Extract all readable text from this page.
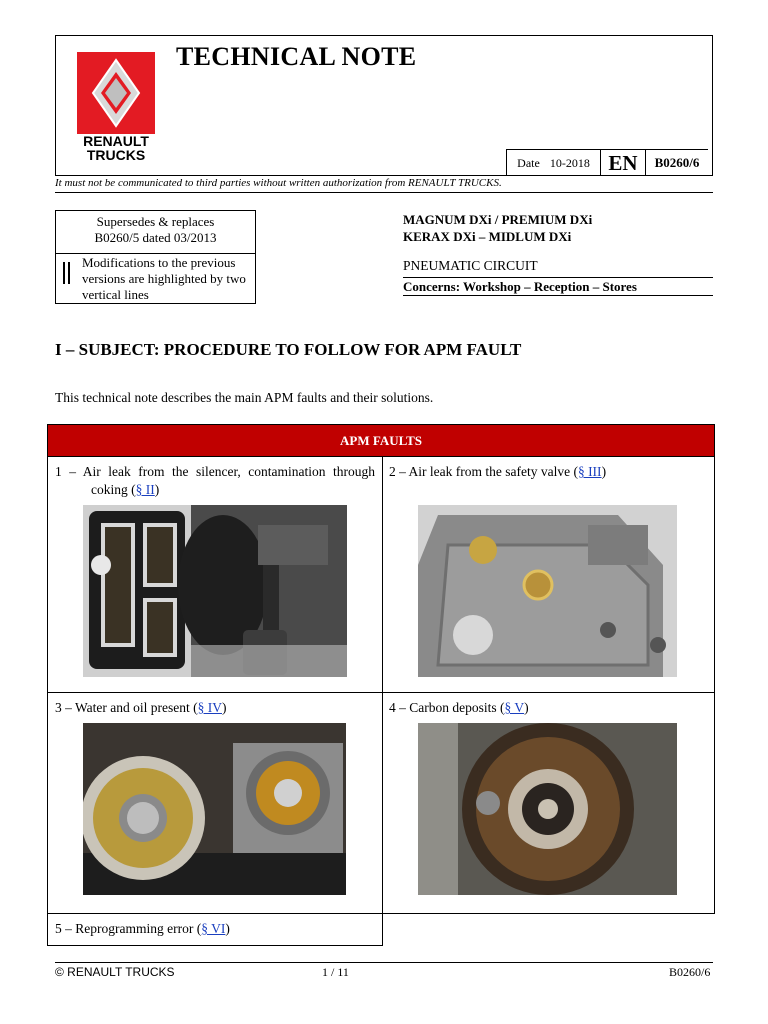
RENAULT
TRUCKS
TECHNICAL NOTE
Date 10-2018 EN	B0260/6
It must not be communicated to third parties without written authorization from RENAULT TRUCKS.
Supersedes & replaces
B0260/5 dated 03/2013
Modifications to the previous versions are highlighted by two vertical lines
MAGNUM DXi / PREMIUM DXi
KERAX DXi – MIDLUM DXi
PNEUMATIC CIRCUIT
Concerns: Workshop – Reception – Stores
I – SUBJECT: PROCEDURE TO FOLLOW FOR APM FAULT
This technical note describes the main APM faults and their solutions.
APM FAULTS
1 – Air leak from the silencer, contamination through coking (§ II)
2 – Air leak from the safety valve (§ III)
3 – Water and oil present (§ IV)	4 – Carbon deposits (§ V)
5 – Reprogramming error (§ VI)
© RENAULT TRUCKS	1 / 11	B0260/6
